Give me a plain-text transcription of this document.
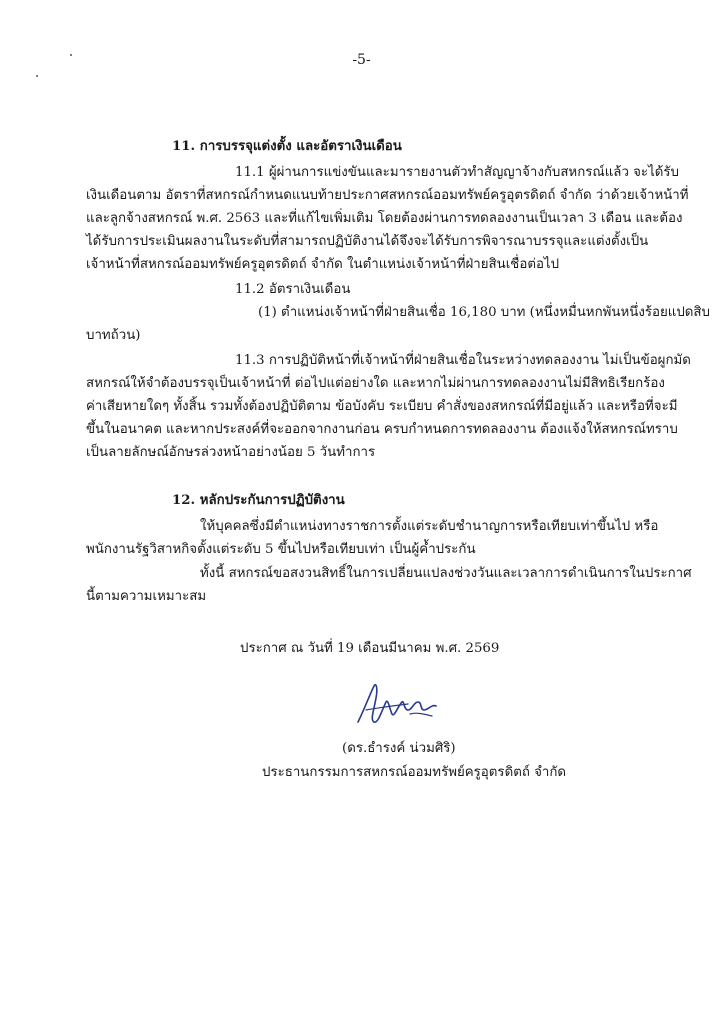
-5-
11. การบรรจุแต่งตั้ง และอัตราเงินเดือน
11.1 ผู้ผ่านการแข่งขันและมารายงานตัวทำสัญญาจ้างกับสหกรณ์แล้ว จะได้รับ
เงินเดือนตาม อัตราที่สหกรณ์กำหนดแนบท้ายประกาศสหกรณ์ออมทรัพย์ครูอุตรดิตถ์ จำกัด ว่าด้วยเจ้าหน้าที่
และลูกจ้างสหกรณ์ พ.ศ. 2563 และที่แก้ไขเพิ่มเติม โดยต้องผ่านการทดลองงานเป็นเวลา 3 เดือน และต้อง
ได้รับการประเมินผลงานในระดับที่สามารถปฏิบัติงานได้จึงจะได้รับการพิจารณาบรรจุและแต่งตั้งเป็น
เจ้าหน้าที่สหกรณ์ออมทรัพย์ครูอุตรดิตถ์ จำกัด ในตำแหน่งเจ้าหน้าที่ฝ่ายสินเชื่อต่อไป
11.2 อัตราเงินเดือน
(1) ตำแหน่งเจ้าหน้าที่ฝ่ายสินเชื่อ 16,180 บาท (หนึ่งหมื่นหกพันหนึ่งร้อยแปดสิบ
บาทถ้วน)
11.3 การปฏิบัติหน้าที่เจ้าหน้าที่ฝ่ายสินเชื่อในระหว่างทดลองงาน ไม่เป็นข้อผูกมัด
สหกรณ์ให้จำต้องบรรจุเป็นเจ้าหน้าที่ ต่อไปแต่อย่างใด และหากไม่ผ่านการทดลองงานไม่มีสิทธิเรียกร้อง
ค่าเสียหายใดๆ ทั้งสิ้น รวมทั้งต้องปฏิบัติตาม ข้อบังคับ ระเบียบ คำสั่งของสหกรณ์ที่มีอยู่แล้ว และหรือที่จะมี
ขึ้นในอนาคต และหากประสงค์ที่จะออกจากงานก่อน ครบกำหนดการทดลองงาน ต้องแจ้งให้สหกรณ์ทราบ
เป็นลายลักษณ์อักษรล่วงหน้าอย่างน้อย 5 วันทำการ
12. หลักประกันการปฏิบัติงาน
ให้บุคคลซึ่งมีตำแหน่งทางราชการตั้งแต่ระดับชำนาญการหรือเทียบเท่าขึ้นไป หรือ
พนักงานรัฐวิสาหกิจตั้งแต่ระดับ 5 ขึ้นไปหรือเทียบเท่า เป็นผู้ค้ำประกัน
ทั้งนี้ สหกรณ์ขอสงวนสิทธิ์ในการเปลี่ยนแปลงช่วงวันและเวลาการดำเนินการในประกาศ
นี้ตามความเหมาะสม
ประกาศ ณ วันที่ 19 เดือนมีนาคม พ.ศ. 2569
(ดร.ธำรงค์ น่วมศิริ)
ประธานกรรมการสหกรณ์ออมทรัพย์ครูอุตรดิตถ์ จำกัด
